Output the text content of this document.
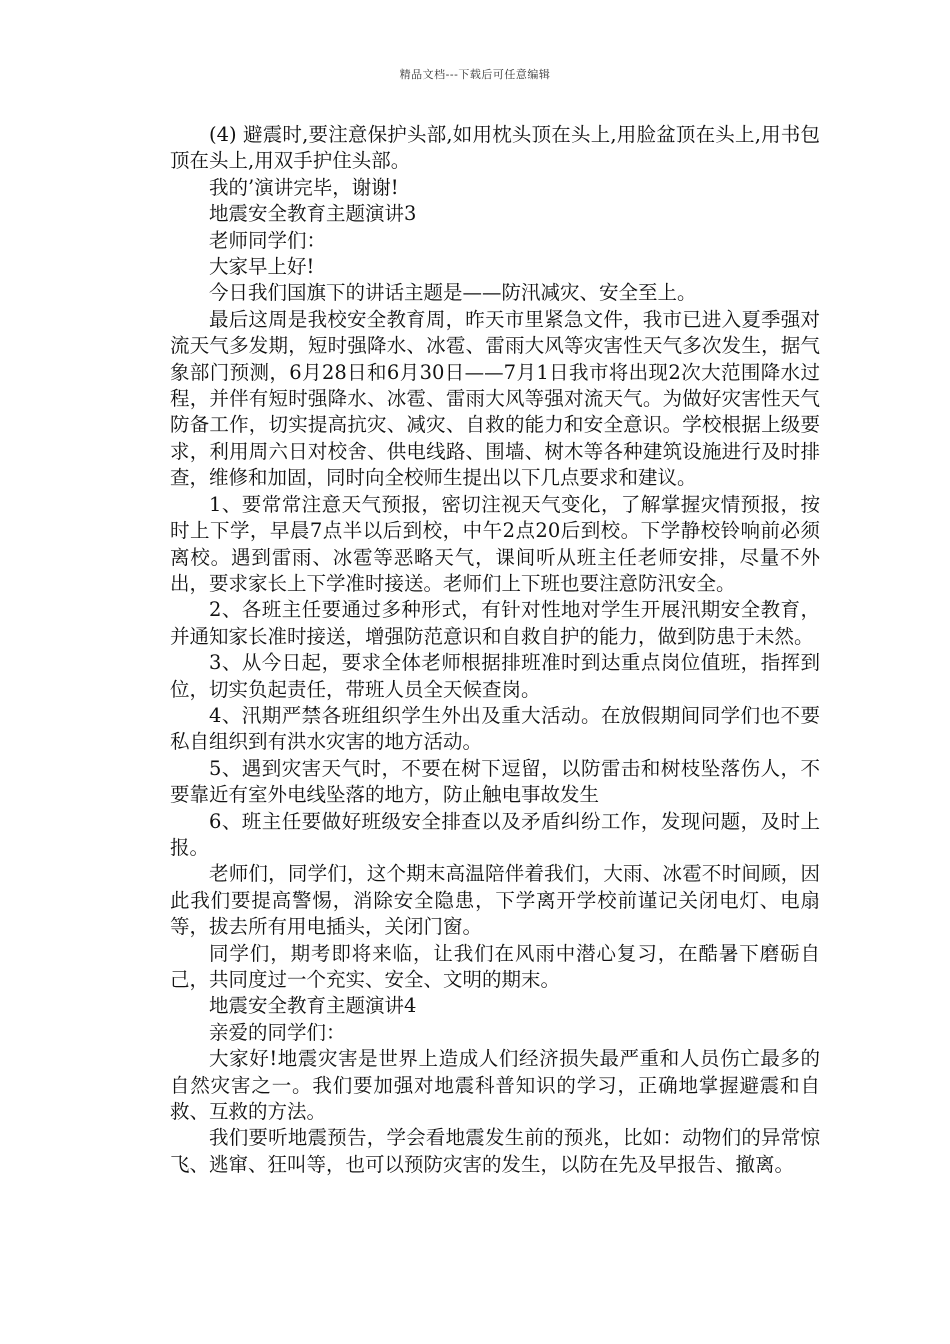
精品文档---下载后可任意编辑

(4) 避震时,要注意保护头部,如用枕头顶在头上,用脸盆顶在头上,用书包顶在头上,用双手护住头部。

我的’演讲完毕，谢谢!

地震安全教育主题演讲3

老师同学们：

大家早上好!

今日我们国旗下的讲话主题是——防汛减灾、安全至上。

最后这周是我校安全教育周，昨天市里紧急文件，我市已进入夏季强对流天气多发期，短时强降水、冰雹、雷雨大风等灾害性天气多次发生，据气象部门预测，6月28日和6月30日——7月1日我市将出现2次大范围降水过程，并伴有短时强降水、冰雹、雷雨大风等强对流天气。为做好灾害性天气防备工作，切实提高抗灾、减灾、自救的能力和安全意识。学校根据上级要求，利用周六日对校舍、供电线路、围墙、树木等各种建筑设施进行及时排查，维修和加固，同时向全校师生提出以下几点要求和建议。

1、要常常注意天气预报，密切注视天气变化，了解掌握灾情预报，按时上下学，早晨7点半以后到校，中午2点20后到校。下学静校铃响前必须离校。遇到雷雨、冰雹等恶略天气，课间听从班主任老师安排，尽量不外出，要求家长上下学准时接送。老师们上下班也要注意防汛安全。

2、各班主任要通过多种形式，有针对性地对学生开展汛期安全教育，并通知家长准时接送，增强防范意识和自救自护的能力，做到防患于未然。

3、从今日起，要求全体老师根据排班准时到达重点岗位值班，指挥到位，切实负起责任，带班人员全天候查岗。

4、汛期严禁各班组织学生外出及重大活动。在放假期间同学们也不要私自组织到有洪水灾害的地方活动。

5、遇到灾害天气时，不要在树下逗留，以防雷击和树枝坠落伤人，不要靠近有室外电线坠落的地方，防止触电事故发生

6、班主任要做好班级安全排查以及矛盾纠纷工作，发现问题，及时上报。

老师们，同学们，这个期末高温陪伴着我们，大雨、冰雹不时间顾，因此我们要提高警惕，消除安全隐患，下学离开学校前谨记关闭电灯、电扇等，拔去所有用电插头，关闭门窗。

同学们，期考即将来临，让我们在风雨中潜心复习，在酷暑下磨砺自己，共同度过一个充实、安全、文明的期末。

地震安全教育主题演讲4

亲爱的同学们：

大家好!地震灾害是世界上造成人们经济损失最严重和人员伤亡最多的自然灾害之一。我们要加强对地震科普知识的学习，正确地掌握避震和自救、互救的方法。

我们要听地震预告，学会看地震发生前的预兆，比如：动物们的异常惊飞、逃窜、狂叫等，也可以预防灾害的发生，以防在先及早报告、撤离。
